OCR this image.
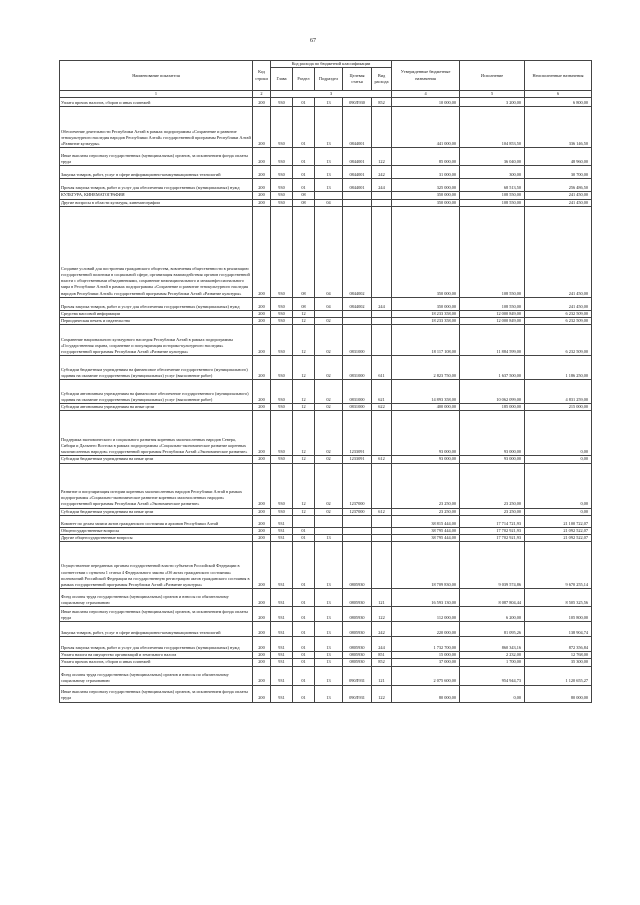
67
Наименование показателя	Код строки	Код расхода по бюджетной классификации					Утвержденные бюджетные назначения	Исполнение	Неисполненные назначения
		Глава	Раздел	Подраздел	Целевая статья	Вид расхода			
1	2	3					4	5	6
Уплата прочих налогов, сборов и иных платежей	200	930	01	13	090Л930	852	10 000,00	3 200,00	6 800,00
Обеспечение деятельности Республики Алтай в рамках подпрограммы «Сохранение и развитие этнокультурного наследия народов Республики Алтай» государственной программы Республики Алтай «Развитие культуры»	200	930	01	13	0844001		441 000,00	104 853,50	336 146,50
Иные выплаты персоналу государственных (муниципальных) органов, за исключением фонда оплаты труда	200	930	01	13	0844001	122	85 000,00	36 040,00	48 960,00
Закупка товаров, работ, услуг в сфере информационно-коммуникационных технологий	200	930	01	13	0844001	242	31 000,00	300,00	30 700,00
Прочая закупка товаров, работ и услуг для обеспечения государственных (муниципальных) нужд	200	930	01	13	0844001	244	325 000,00	68 513,50	256 486,50
КУЛЬТУРА, КИНЕМАТОГРАФИЯ	200	930	08				350 000,00	108 550,00	241 450,00
Другие вопросы в области культуры, кинематографии	200	930	08	04			350 000,00	108 550,00	241 450,00
Создание условий для построения гражданского общества, вовлечения общественности в реализацию государственной политики в социальной сфере, организация взаимодействия органов государственной власти с общественными объединениями, сохранение межнационального и межконфессионального мира в Республике Алтай в рамках подпрограммы «Сохранение и развитие этнокультурного наследия народов Республики Алтай» государственной программы Республики Алтай «Развитие культуры»	200	930	08	04	0844002		350 000,00	108 550,00	241 450,00
Прочая закупка товаров, работ и услуг для обеспечения государственных (муниципальных) нужд	200	930	08	04	0844002	244	350 000,00	108 550,00	241 450,00
Средства массовой информации	200	930	12				18 233 358,00	12 000 849,00	6 232 509,00
Периодическая печать и издательства	200	930	12	02			18 233 358,00	12 000 849,00	6 232 509,00
Сохранение национального культурного наследия Республики Алтай в рамках подпрограммы «Государственная охрана, сохранение и популяризация историко-культурного наследия» государственной программы Республики Алтай «Развитие культуры»	200	930	12	02	0831000		18 117 108,00	11 884 599,00	6 232 509,00
Субсидии бюджетным учреждениям на финансовое обеспечение государственного (муниципального) задания на оказание государственных (муниципальных) услуг (выполнение работ)	200	930	12	02	0831000	611	2 823 750,00	1 637 500,00	1 186 250,00
Субсидии автономным учреждениям на финансовое обеспечение государственного (муниципального) задания на оказание государственных (муниципальных) услуг (выполнение работ)	200	930	12	02	0831000	621	14 893 358,00	10 062 099,00	4 831 259,00
Субсидии автономным учреждениям на иные цели	200	930	12	02	0831000	622	400 000,00	185 000,00	215 000,00
Поддержка экономического и социального развития коренных малочисленных народов Севера, Сибири и Дальнего Востока в рамках подпрограммы «Социально-экономическое развитие коренных малочисленных народов» государственной программы Республики Алтай «Экономическое развитие»	200	930	12	02	1233091		93 000,00	93 000,00	0,00
Субсидии бюджетным учреждениям на иные цели	200	930	12	02	1233091	612	93 000,00	93 000,00	0,00
Развитие и популяризация истории коренных малочисленных народов Республики Алтай в рамках подпрограммы «Социально-экономическое развитие коренных малочисленных народов» государственной программы Республики Алтай «Экономическое развитие»	200	930	12	02	1237000		23 250,00	23 250,00	0,00
Субсидии бюджетным учреждениям на иные цели	200	930	12	02	1237000	612	23 250,00	23 250,00	0,00
Комитет по делам записи актов гражданского состояния и архивов Республики Алтай	200	931					38 815 444,00	17 714 721,93	21 100 722,07
Общегосударственные вопросы	200	931	01				38 795 444,00	17 702 921,93	21 092 522,07
Другие общегосударственные вопросы	200	931	01	13			38 795 444,00	17 702 921,93	21 092 522,07
Осуществление переданных органам государственной власти субъектов Российской Федерации в соответствии с пунктом 1 статьи 4 Федерального закона «Об актах гражданского состояния» полномочий Российской Федерации на государственную регистрацию актов гражданского состояния в рамках государственной программы Республики Алтай «Развитие культуры»	200	931	01	13	0805930		18 709 830,00	9 039 574,86	9 670 255,14
Фонд оплаты труда государственных (муниципальных) органов и взносы по обязательному социальному страхованию	200	931	01	13	0805930	121	16 593 130,00	8 087 804,44	8 505 325,56
Иные выплаты персоналу государственных (муниципальных) органов, за исключением фонда оплаты труда	200	931	01	13	0805930	122	112 000,00	6 200,00	105 800,00
Закупка товаров, работ, услуг в сфере информационно-коммуникационных технологий	200	931	01	13	0805930	242	220 000,00	81 095,26	138 904,74
Прочая закупка товаров, работ и услуг для обеспечения государственных (муниципальных) нужд	200	931	01	13	0805930	244	1 732 700,00	860 343,16	872 356,84
Уплата налога на имущество организаций и земельного налога	200	931	01	13	0805930	851	15 000,00	2 232,00	12 768,00
Уплата прочих налогов, сборов и иных платежей	200	931	01	13	0805930	852	37 000,00	1 700,00	35 300,00
Фонд оплаты труда государственных (муниципальных) органов и взносы по обязательному социальному страхованию	200	931	01	13	090Л931	121	2 075 600,00	954 944,73	1 120 655,27
Иные выплаты персоналу государственных (муниципальных) органов, за исключением фонда оплаты труда	200	931	01	13	090Л931	122	80 000,00	0,00	80 000,00
